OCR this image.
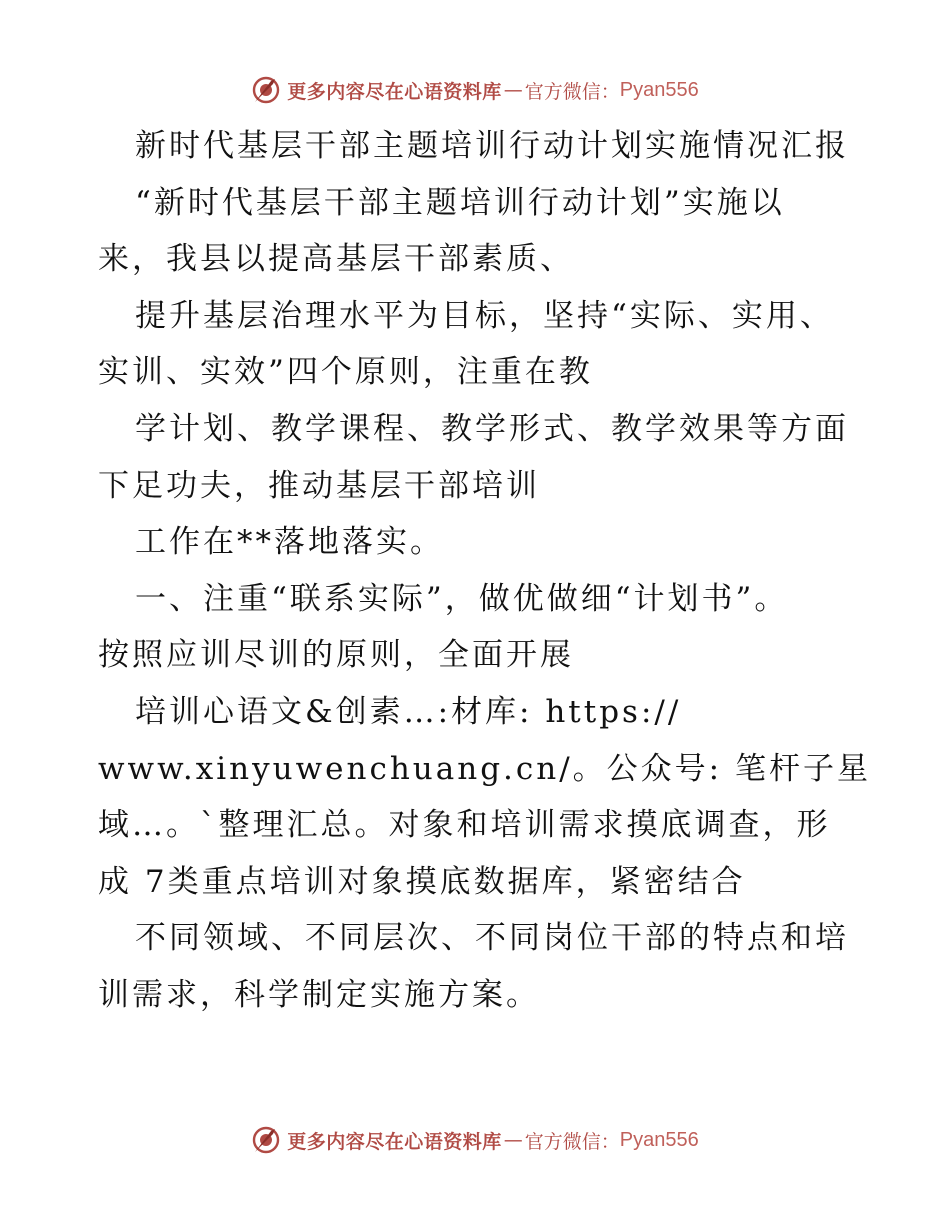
更多内容尽在心语资料库 — 官方微信： Pyan556
新时代基层干部主题培训行动计划实施情况汇报
“新时代基层干部主题培训行动计划”实施以
来，我县以提高基层干部素质、
提升基层治理水平为目标，坚持“实际、实用、
实训、实效”四个原则，注重在教
学计划、教学课程、教学形式、教学效果等方面
下足功夫，推动基层干部培训
工作在**落地落实。
一、注重“联系实际”，做优做细“计划书”。
按照应训尽训的原则，全面开展
培训心语文&创素…:材库: https://
www.xinyuwenchuang.cn/。公众号: 笔杆子星
域…。`整理汇总。对象和培训需求摸底调查，形
成 7类重点培训对象摸底数据库，紧密结合
不同领域、不同层次、不同岗位干部的特点和培
训需求，科学制定实施方案。
更多内容尽在心语资料库 — 官方微信： Pyan556
